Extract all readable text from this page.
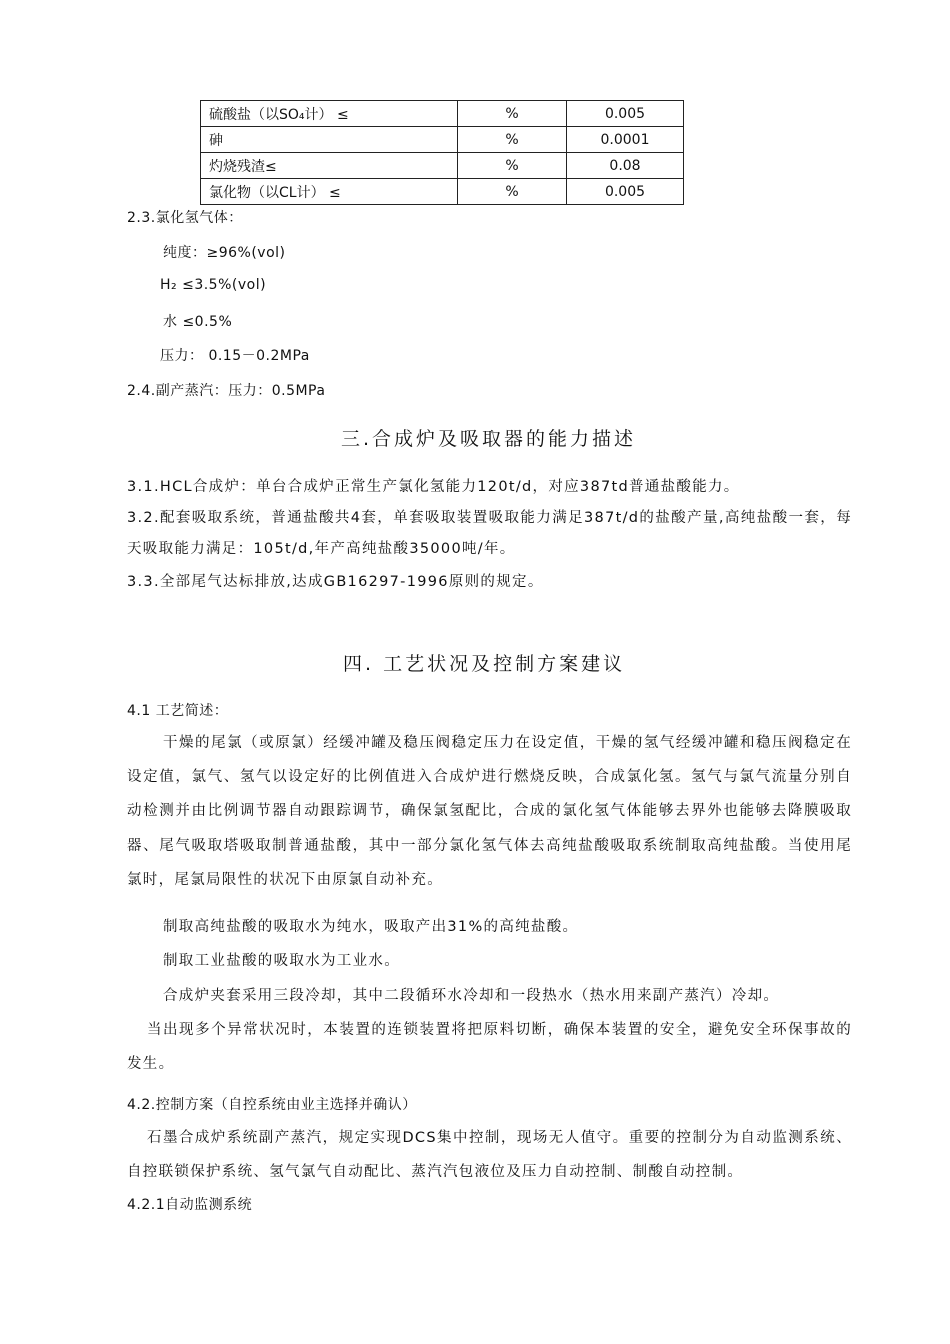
硫酸盐（以SO₄计） ≤	%	0.005
砷	%	0.0001
灼烧残渣≤	%	0.08
氯化物（以CL计） ≤	%	0.005
2.3.氯化氢气体：
纯度：≥96%(vol)
H₂ ≤3.5%(vol)
水 ≤0.5%
压力： 0.15－0.2MPa
2.4.副产蒸汽：压力：0.5MPa
三.合成炉及吸取器的能力描述
3.1.HCL合成炉：单台合成炉正常生产氯化氢能力120t/d，对应387td普通盐酸能力。
3.2.配套吸取系统，普通盐酸共4套，单套吸取装置吸取能力满足387t/d的盐酸产量,高纯盐酸一套，每天吸取能力满足：105t/d,年产高纯盐酸35000吨/年。
3.3.全部尾气达标排放,达成GB16297-1996原则的规定。
四. 工艺状况及控制方案建议
4.1 工艺简述：
干燥的尾氯（或原氯）经缓冲罐及稳压阀稳定压力在设定值，干燥的氢气经缓冲罐和稳压阀稳定在设定值，氯气、氢气以设定好的比例值进入合成炉进行燃烧反映，合成氯化氢。氢气与氯气流量分别自动检测并由比例调节器自动跟踪调节，确保氯氢配比，合成的氯化氢气体能够去界外也能够去降膜吸取器、尾气吸取塔吸取制普通盐酸，其中一部分氯化氢气体去高纯盐酸吸取系统制取高纯盐酸。当使用尾氯时，尾氯局限性的状况下由原氯自动补充。
制取高纯盐酸的吸取水为纯水，吸取产出31%的高纯盐酸。
制取工业盐酸的吸取水为工业水。
合成炉夹套采用三段冷却，其中二段循环水冷却和一段热水（热水用来副产蒸汽）冷却。
当出现多个异常状况时，本装置的连锁装置将把原料切断，确保本装置的安全，避免安全环保事故的发生。
4.2.控制方案（自控系统由业主选择并确认）
石墨合成炉系统副产蒸汽，规定实现DCS集中控制，现场无人值守。重要的控制分为自动监测系统、自控联锁保护系统、氢气氯气自动配比、蒸汽汽包液位及压力自动控制、制酸自动控制。
4.2.1自动监测系统
